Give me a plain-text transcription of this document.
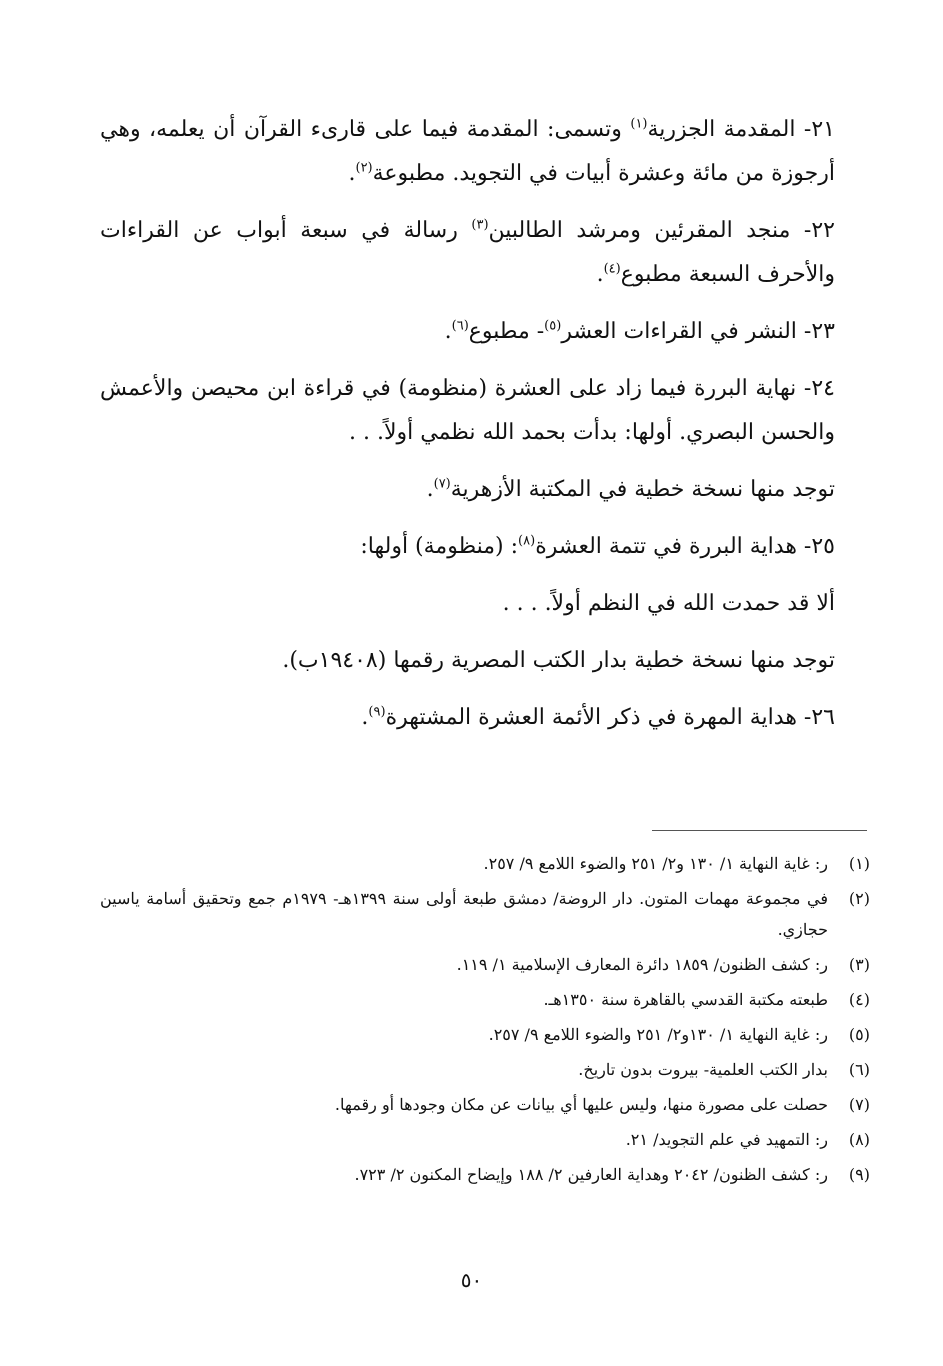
٢١- المقدمة الجزرية$^{(١)}$ وتسمى: المقدمة فيما على قارىء القرآن أن يعلمه، وهي أرجوزة من مائة وعشرة أبيات في التجويد. مطبوعة$^{(٢)}$.

٢٢- منجد المقرئين ومرشد الطالبين$^{(٣)}$ رسالة في سبعة أبواب عن القراءات والأحرف السبعة مطبوع$^{(٤)}$.

٢٣- النشر في القراءات العشر$^{(٥)}$- مطبوع$^{(٦)}$.

٢٤- نهاية البررة فيما زاد على العشرة (منظومة) في قراءة ابن محيصن والأعمش والحسن البصري. أولها: بدأت بحمد الله نظمي أولاً. . .

توجد منها نسخة خطية في المكتبة الأزهرية$^{(٧)}$.

٢٥- هداية البررة في تتمة العشرة$^{(٨)}$: (منظومة) أولها:

ألا قد حمدت الله في النظم أولاً. . . .

توجد منها نسخة خطية بدار الكتب المصرية رقمها (١٩٤٠٨ب).

٢٦- هداية المهرة في ذكر الأئمة العشرة المشتهرة$^{(٩)}$.

(١)
ر: غاية النهاية ١/ ١٣٠ و٢/ ٢٥١ والضوء اللامع ٩/ ٢٥٧.
(٢)
في مجموعة مهمات المتون. دار الروضة/ دمشق طبعة أولى سنة ١٣٩٩هـ- ١٩٧٩م جمع وتحقيق أسامة ياسين حجازي.
(٣)
ر: كشف الظنون/ ١٨٥٩ دائرة المعارف الإسلامية ١/ ١١٩.
(٤)
طبعته مكتبة القدسي بالقاهرة سنة ١٣٥٠هـ.
(٥)
ر: غاية النهاية ١/ ١٣٠و٢/ ٢٥١ والضوء اللامع ٩/ ٢٥٧.
(٦)
بدار الكتب العلمية- بيروت بدون تاريخ.
(٧)
حصلت على مصورة منها، وليس عليها أي بيانات عن مكان وجودها أو رقمها.
(٨)
ر: التمهيد في علم التجويد/ ٢١.
(٩)
ر: كشف الظنون/ ٢٠٤٢ وهداية العارفين ٢/ ١٨٨ وإيضاح المكنون ٢/ ٧٢٣.
٥٠
